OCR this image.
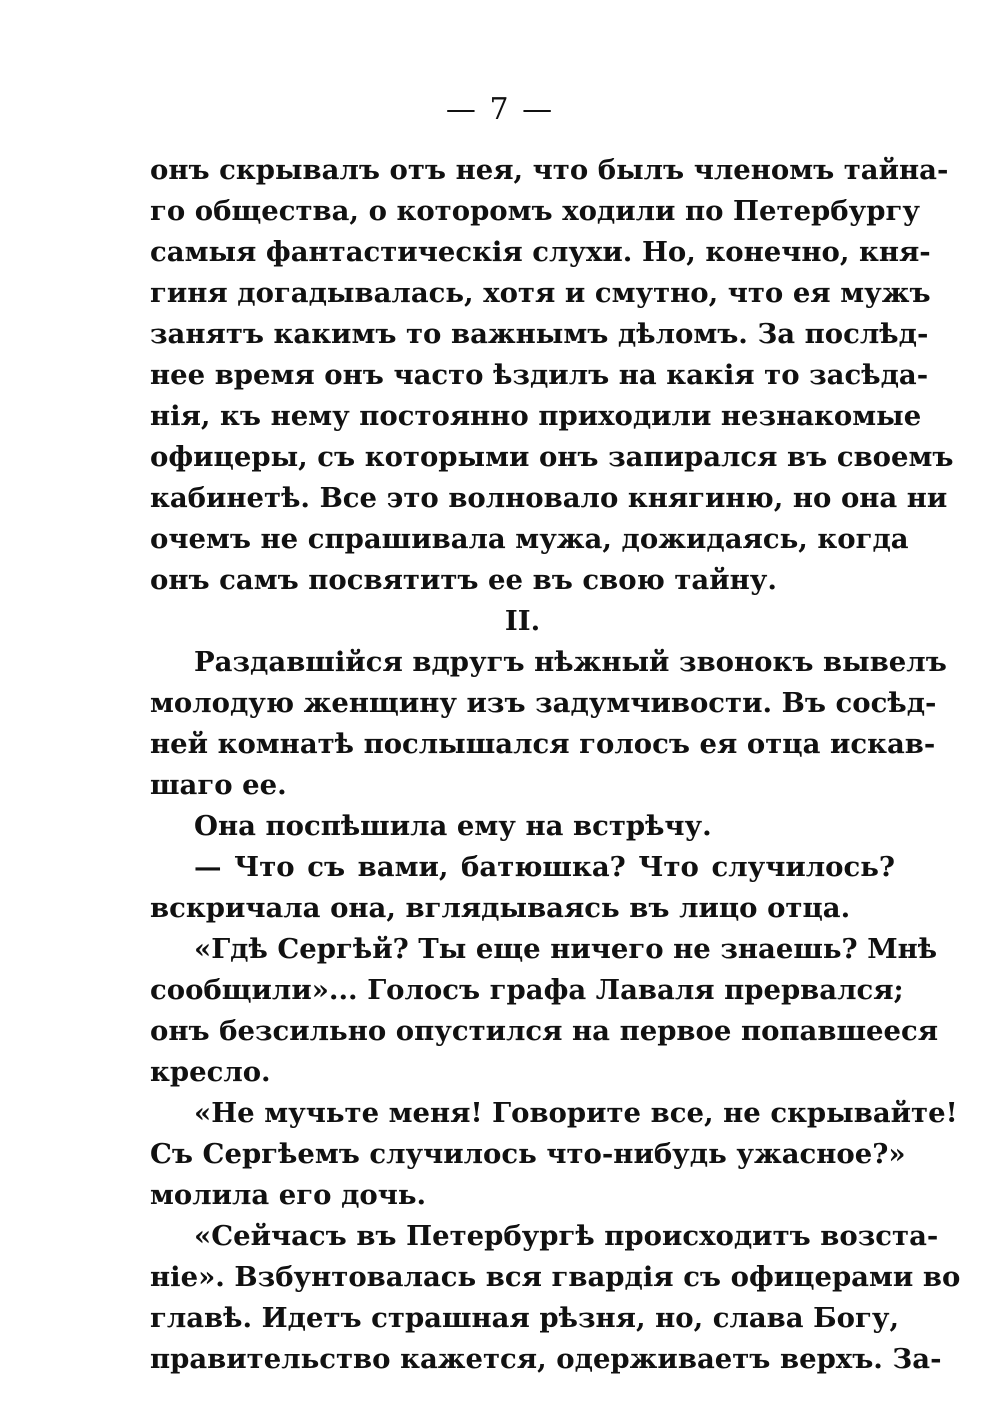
— 7 —
онъ скрывалъ отъ нея, что былъ членомъ тайна-
го общества, о которомъ ходили по Петербургу
самыя фантастическiя слухи. Но, конечно, кня-
гиня догадывалась, хотя и смутно, что ея мужъ
занятъ какимъ то важнымъ дѣломъ. За послѣд-
нее время онъ часто ѣздилъ на какiя то засѣда-
нiя, къ нему постоянно приходили незнакомые
офицеры, съ которыми онъ запирался въ своемъ
кабинетѣ. Все это волновало княгиню, но она ни
очемъ не спрашивала мужа, дожидаясь, когда
онъ самъ посвятитъ ее въ свою тайну.
II.
Раздавшiйся вдругъ нѣжный звонокъ вывелъ
молодую женщину изъ задумчивости. Въ сосѣд-
ней комнатѣ послышался голосъ ея отца искав-
шаго ее.
Она поспѣшила ему на встрѣчу.
— Что съ вами, батюшка? Что случилось?
вскричала она, вглядываясь въ лицо отца.
«Гдѣ Сергѣй? Ты еще ничего не знаешь? Мнѣ
сообщили»... Голосъ графа Лаваля прервался;
онъ безсильно опустился на первое попавшееся
кресло.
«Не мучьте меня! Говорите все, не скрывайте!
Съ Сергѣемъ случилось что-нибудь ужасное?»
молила его дочь.
«Сейчасъ въ Петербургѣ происходитъ возста-
нiе». Взбунтовалась вся гвардiя съ офицерами во
главѣ. Идетъ страшная рѣзня, но, слава Богу,
правительство кажется, одерживаетъ верхъ. За-
